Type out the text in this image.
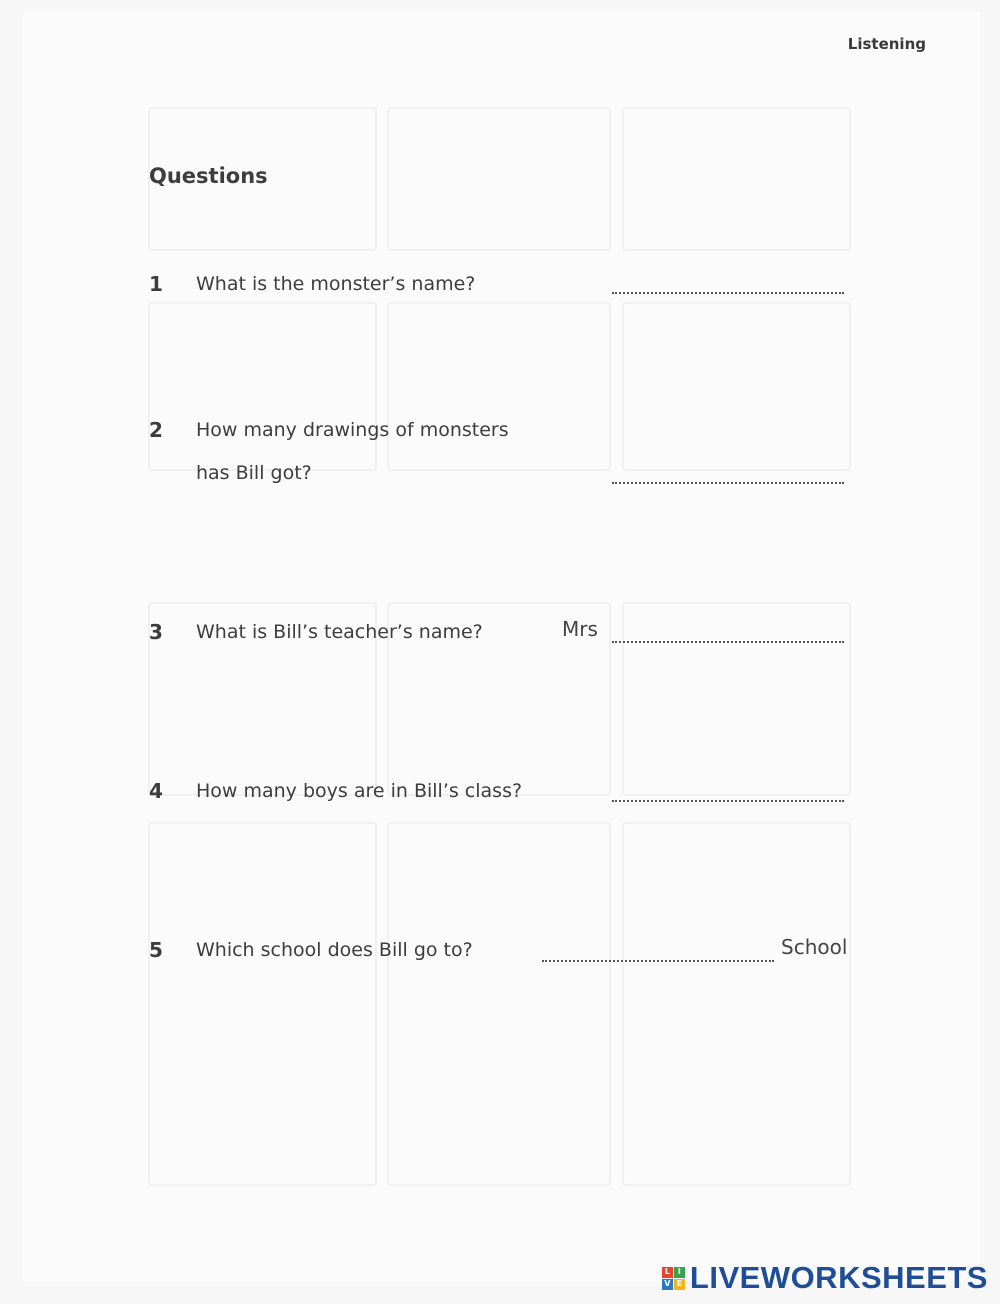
Listening
Questions
1 What is the monster’s name?
2 How many drawings of monsters
has Bill got?
3 What is Bill’s teacher’s name?	Mrs
4 How many boys are in Bill’s class?
5 Which school does Bill go to?	School
L I
V E LIVEWORKSHEETS
